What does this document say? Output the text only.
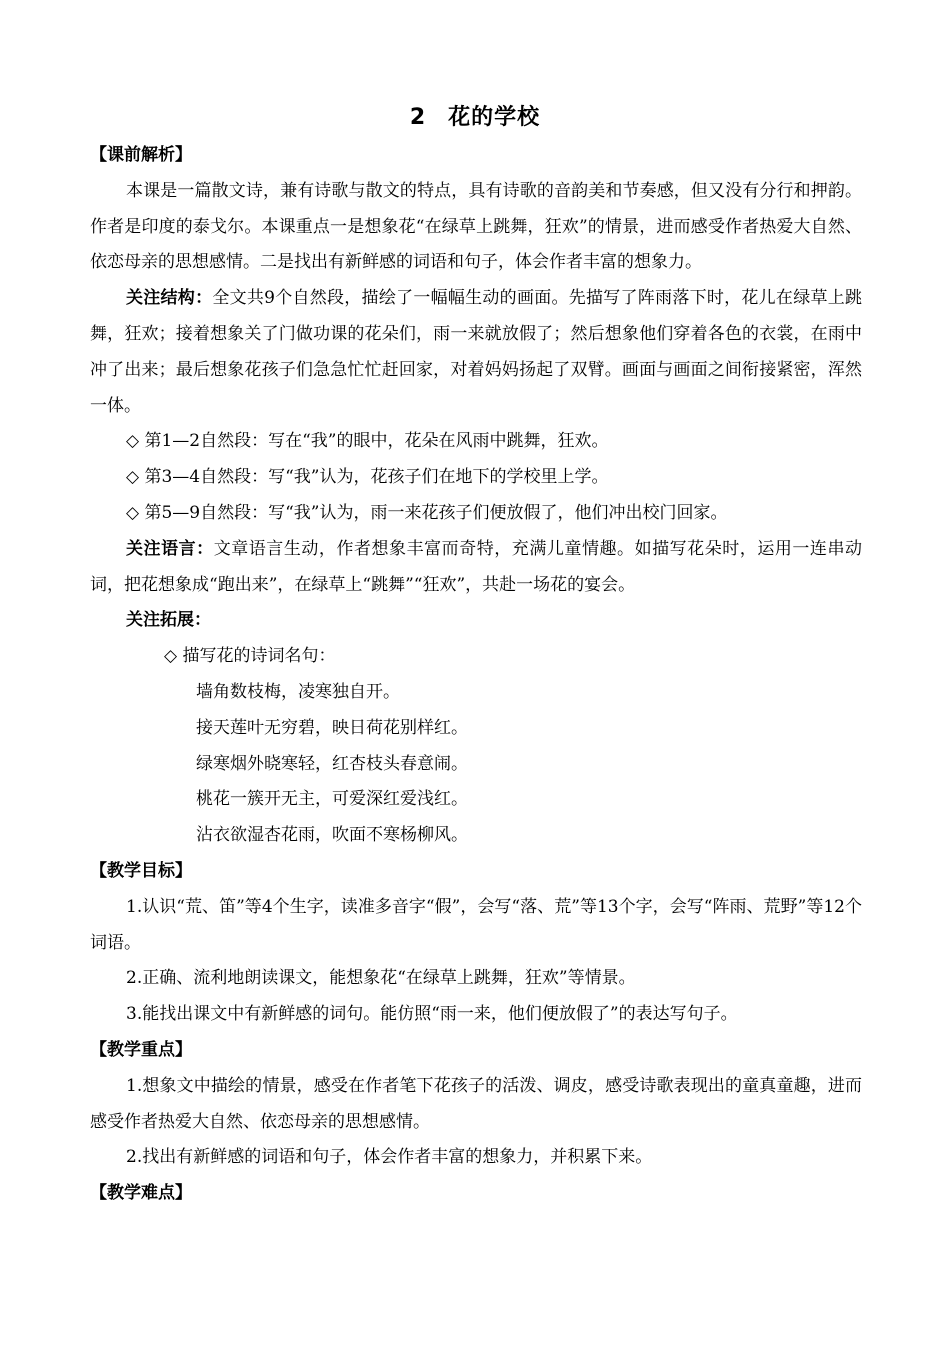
2 花的学校

【课前解析】

本课是一篇散文诗，兼有诗歌与散文的特点，具有诗歌的音韵美和节奏感，但又没有分行和押韵。作者是印度的泰戈尔。本课重点一是想象花“在绿草上跳舞，狂欢”的情景，进而感受作者热爱大自然、依恋母亲的思想感情。二是找出有新鲜感的词语和句子，体会作者丰富的想象力。

关注结构：全文共9个自然段，描绘了一幅幅生动的画面。先描写了阵雨落下时，花儿在绿草上跳舞，狂欢；接着想象关了门做功课的花朵们，雨一来就放假了；然后想象他们穿着各色的衣裳，在雨中冲了出来；最后想象花孩子们急急忙忙赶回家，对着妈妈扬起了双臂。画面与画面之间衔接紧密，浑然一体。

◇ 第1—2自然段：写在“我”的眼中，花朵在风雨中跳舞，狂欢。

◇ 第3—4自然段：写“我”认为，花孩子们在地下的学校里上学。

◇ 第5—9自然段：写“我”认为，雨一来花孩子们便放假了，他们冲出校门回家。

关注语言：文章语言生动，作者想象丰富而奇特，充满儿童情趣。如描写花朵时，运用一连串动词，把花想象成“跑出来”，在绿草上“跳舞”“狂欢”，共赴一场花的宴会。

关注拓展：

◇ 描写花的诗词名句：

墙角数枝梅，凌寒独自开。

接天莲叶无穷碧，映日荷花别样红。

绿寒烟外晓寒轻，红杏枝头春意闹。

桃花一簇开无主，可爱深红爱浅红。

沾衣欲湿杏花雨，吹面不寒杨柳风。

【教学目标】

1.认识“荒、笛”等4个生字，读准多音字“假”，会写“落、荒”等13个字，会写“阵雨、荒野”等12个词语。

2.正确、流利地朗读课文，能想象花“在绿草上跳舞，狂欢”等情景。

3.能找出课文中有新鲜感的词句。能仿照“雨一来，他们便放假了”的表达写句子。

【教学重点】

1.想象文中描绘的情景，感受在作者笔下花孩子的活泼、调皮，感受诗歌表现出的童真童趣，进而感受作者热爱大自然、依恋母亲的思想感情。

2.找出有新鲜感的词语和句子，体会作者丰富的想象力，并积累下来。

【教学难点】
